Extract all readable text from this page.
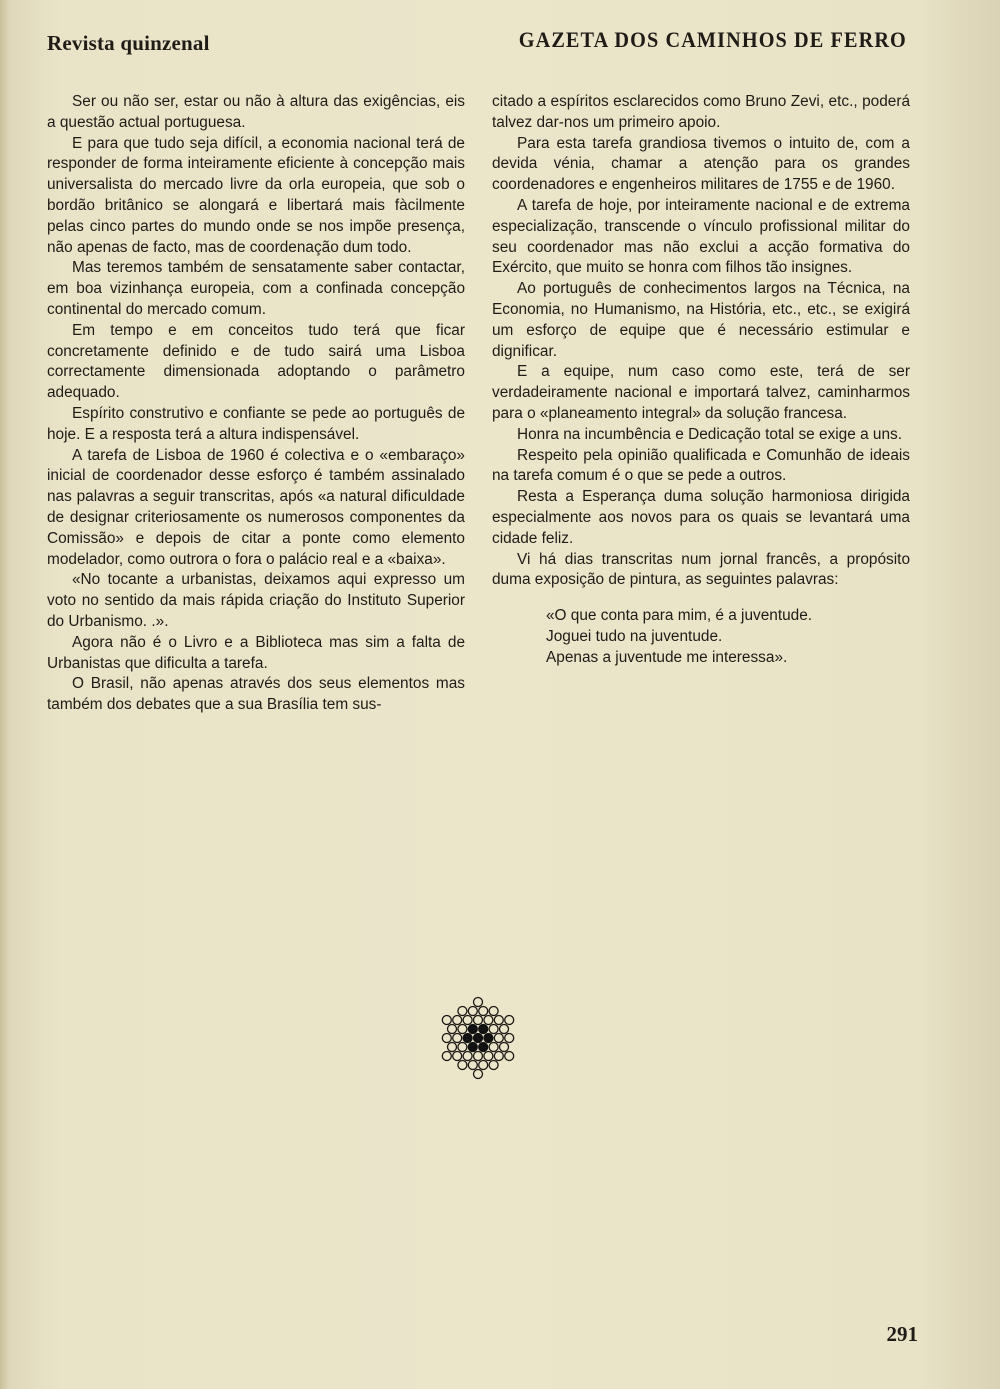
Revista quinzenal	GAZETA DOS CAMINHOS DE FERRO

Ser ou não ser, estar ou não à altura das exigências, eis a questão actual portuguesa.

E para que tudo seja difícil, a economia nacional terá de responder de forma inteiramente eficiente à concepção mais universalista do mercado livre da orla europeia, que sob o bordão britânico se alongará e libertará mais fàcilmente pelas cinco partes do mundo onde se nos impõe presença, não apenas de facto, mas de coordenação dum todo.

Mas teremos também de sensatamente saber contactar, em boa vizinhança europeia, com a confinada concepção continental do mercado comum.

Em tempo e em conceitos tudo terá que ficar concretamente definido e de tudo sairá uma Lisboa correctamente dimensionada adoptando o parâmetro adequado.

Espírito construtivo e confiante se pede ao português de hoje. E a resposta terá a altura indispensável.

A tarefa de Lisboa de 1960 é colectiva e o «embaraço» inicial de coordenador desse esforço é também assinalado nas palavras a seguir transcritas, após «a natural dificuldade de designar criteriosamente os numerosos componentes da Comissão» e depois de citar a ponte como elemento modelador, como outrora o fora o palácio real e a «baixa».

«No tocante a urbanistas, deixamos aqui expresso um voto no sentido da mais rápida criação do Instituto Superior do Urbanismo. .».

Agora não é o Livro e a Biblioteca mas sim a falta de Urbanistas que dificulta a tarefa.

O Brasil, não apenas através dos seus elementos mas também dos debates que a sua Brasília tem sus-

citado a espíritos esclarecidos como Bruno Zevi, etc., poderá talvez dar-nos um primeiro apoio.

Para esta tarefa grandiosa tivemos o intuito de, com a devida vénia, chamar a atenção para os grandes coordenadores e engenheiros militares de 1755 e de 1960.

A tarefa de hoje, por inteiramente nacional e de extrema especialização, transcende o vínculo profissional militar do seu coordenador mas não exclui a acção formativa do Exército, que muito se honra com filhos tão insignes.

Ao português de conhecimentos largos na Técnica, na Economia, no Humanismo, na História, etc., etc., se exigirá um esforço de equipe que é necessário estimular e dignificar.

E a equipe, num caso como este, terá de ser verdadeiramente nacional e importará talvez, caminharmos para o «planeamento integral» da solução francesa.

Honra na incumbência e Dedicação total se exige a uns.

Respeito pela opinião qualificada e Comunhão de ideais na tarefa comum é o que se pede a outros.

Resta a Esperança duma solução harmoniosa dirigida especialmente aos novos para os quais se levantará uma cidade feliz.

Vi há dias transcritas num jornal francês, a propósito duma exposição de pintura, as seguintes palavras:

«O que conta para mim, é a juventude.
Joguei tudo na juventude.
Apenas a juventude me interessa».
291
